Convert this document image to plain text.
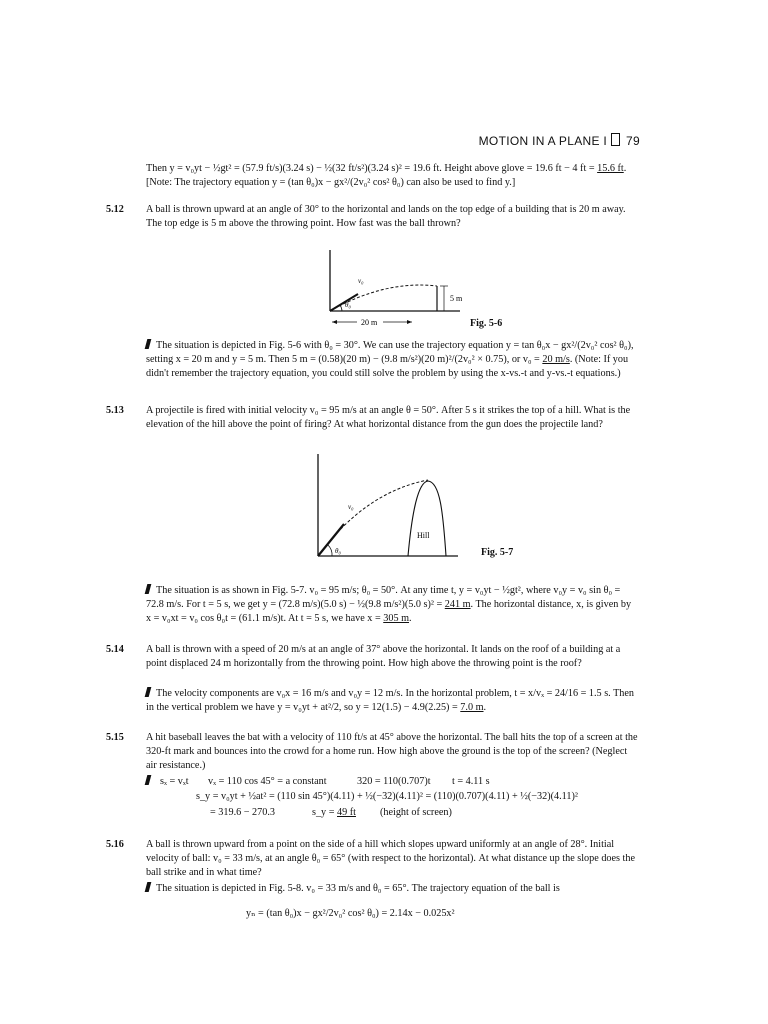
MOTION IN A PLANE I 79
Then y = v₀yt − ½gt² = (57.9 ft/s)(3.24 s) − ½(32 ft/s²)(3.24 s)² = 19.6 ft. Height above glove = 19.6 ft − 4 ft = 15.6 ft. [Note: The trajectory equation y = (tan θ₀)x − gx²/(2v₀² cos² θ₀) can also be used to find y.]
5.12 A ball is thrown upward at an angle of 30° to the horizontal and lands on the top edge of a building that is 20 m away. The top edge is 5 m above the throwing point. How fast was the ball thrown?
v₀
θ₀
5 m
20 m	Fig. 5-6
The situation is depicted in Fig. 5-6 with θ₀ = 30°. We can use the trajectory equation y = tan θ₀x − gx²/(2v₀² cos² θ₀), setting x = 20 m and y = 5 m. Then 5 m = (0.58)(20 m) − (9.8 m/s²)(20 m)²/(2v₀² × 0.75), or v₀ = 20 m/s. (Note: If you didn't remember the trajectory equation, you could still solve the problem by using the x-vs.-t and y-vs.-t equations.)
5.13 A projectile is fired with initial velocity v₀ = 95 m/s at an angle θ = 50°. After 5 s it strikes the top of a hill. What is the elevation of the hill above the point of firing? At what horizontal distance from the gun does the projectile land?
θ₀
v₀
Hill
Fig. 5-7
The situation is as shown in Fig. 5-7. v₀ = 95 m/s; θ₀ = 50°. At any time t, y = v₀yt − ½gt², where v₀y = v₀ sin θ₀ = 72.8 m/s. For t = 5 s, we get y = (72.8 m/s)(5.0 s) − ½(9.8 m/s²)(5.0 s)² = 241 m. The horizontal distance, x, is given by x = v₀xt = v₀ cos θ₀t = (61.1 m/s)t. At t = 5 s, we have x = 305 m.
5.14 A ball is thrown with a speed of 20 m/s at an angle of 37° above the horizontal. It lands on the roof of a building at a point displaced 24 m horizontally from the throwing point. How high above the throwing point is the roof?
The velocity components are v₀x = 16 m/s and v₀y = 12 m/s. In the horizontal problem, t = x/vₓ = 24/16 = 1.5 s. Then in the vertical problem we have y = v₀yt + at²/2, so y = 12(1.5) − 4.9(2.25) = 7.0 m.
5.15 A hit baseball leaves the bat with a velocity of 110 ft/s at 45° above the horizontal. The ball hits the top of a screen at the 320-ft mark and bounces into the crowd for a home run. How high above the ground is the top of the screen? (Neglect air resistance.)
sₓ = vₓt vₓ = 110 cos 45° = a constant	320 = 110(0.707)t t = 4.11 s
s_y = v₀yt + ½at² = (110 sin 45°)(4.11) + ½(−32)(4.11)² = (110)(0.707)(4.11) + ½(−32)(4.11)²
= 319.6 − 270.3	s_y = 49 ft (height of screen)
5.16 A ball is thrown upward from a point on the side of a hill which slopes upward uniformly at an angle of 28°. Initial velocity of ball: v₀ = 33 m/s, at an angle θ₀ = 65° (with respect to the horizontal). At what distance up the slope does the ball strike and in what time?
The situation is depicted in Fig. 5-8. v₀ = 33 m/s and θ₀ = 65°. The trajectory equation of the ball is
yₙ = (tan θ₀)x − gx²/2v₀² cos² θ₀) = 2.14x − 0.025x²
